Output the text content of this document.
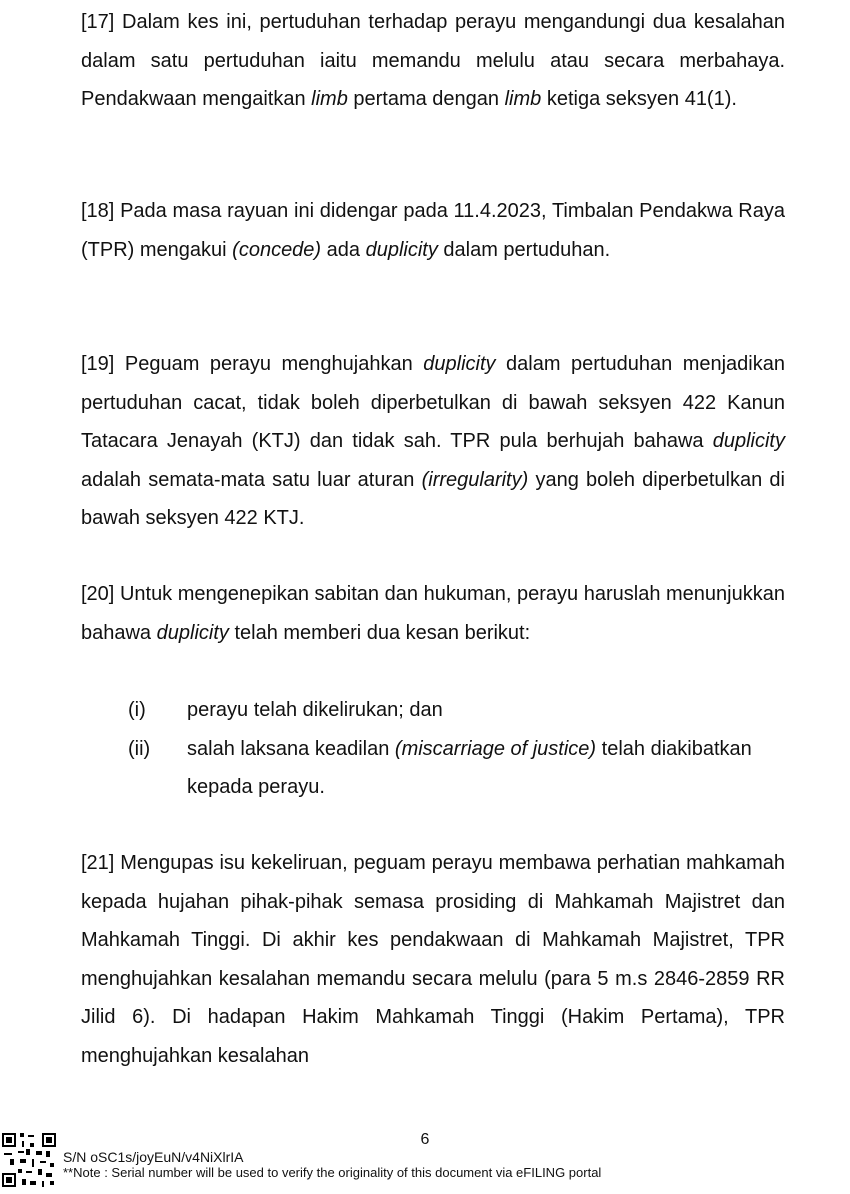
[17] Dalam kes ini, pertuduhan terhadap perayu mengandungi dua kesalahan dalam satu pertuduhan iaitu memandu melulu atau secara merbahaya. Pendakwaan mengaitkan limb pertama dengan limb ketiga seksyen 41(1).

[18] Pada masa rayuan ini didengar pada 11.4.2023, Timbalan Pendakwa Raya (TPR) mengakui (concede) ada duplicity dalam pertuduhan.

[19] Peguam perayu menghujahkan duplicity dalam pertuduhan menjadikan pertuduhan cacat, tidak boleh diperbetulkan di bawah seksyen 422 Kanun Tatacara Jenayah (KTJ) dan tidak sah. TPR pula berhujah bahawa duplicity adalah semata-mata satu luar aturan (irregularity) yang boleh diperbetulkan di bawah seksyen 422 KTJ.

[20] Untuk mengenepikan sabitan dan hukuman, perayu haruslah menunjukkan bahawa duplicity telah memberi dua kesan berikut:

(i)	perayu telah dikelirukan; dan
(ii)	salah laksana keadilan (miscarriage of justice) telah diakibatkan kepada perayu.

[21] Mengupas isu kekeliruan, peguam perayu membawa perhatian mahkamah kepada hujahan pihak-pihak semasa prosiding di Mahkamah Majistret dan Mahkamah Tinggi. Di akhir kes pendakwaan di Mahkamah Majistret, TPR menghujahkan kesalahan memandu secara melulu (para 5 m.s 2846-2859 RR Jilid 6). Di hadapan Hakim Mahkamah Tinggi (Hakim Pertama), TPR menghujahkan kesalahan

6
S/N oSC1s/joyEuN/v4NiXlrIA
**Note : Serial number will be used to verify the originality of this document via eFILING portal
